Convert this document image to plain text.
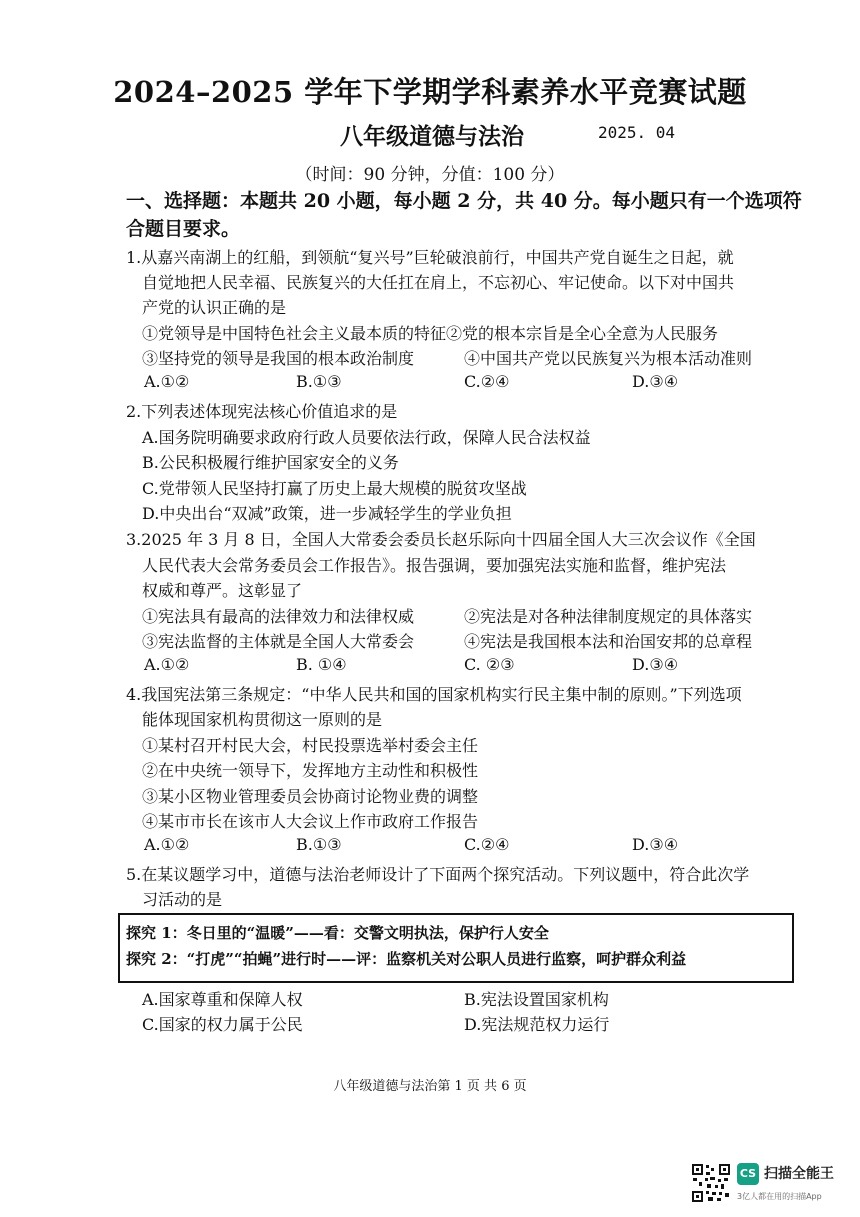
2024–2025 学年下学期学科素养水平竞赛试题
八年级道德与法治	2025. 04
（时间：90 分钟，分值：100 分）
一、选择题：本题共 20 小题，每小题 2 分，共 40 分。每小题只有一个选项符
合题目要求。
1.从嘉兴南湖上的红船，到领航“复兴号”巨轮破浪前行，中国共产党自诞生之日起，就
自觉地把人民幸福、民族复兴的大任扛在肩上，不忘初心、牢记使命。以下对中国共
产党的认识正确的是
①党领导是中国特色社会主义最本质的特征②党的根本宗旨是全心全意为人民服务
③坚持党的领导是我国的根本政治制度	④中国共产党以民族复兴为根本活动准则
A.①②	B.①③	C.②④	D.③④
2.下列表述体现宪法核心价值追求的是
A.国务院明确要求政府行政人员要依法行政，保障人民合法权益
B.公民积极履行维护国家安全的义务
C.党带领人民坚持打赢了历史上最大规模的脱贫攻坚战
D.中央出台“双减”政策，进一步减轻学生的学业负担
3.2025 年 3 月 8 日，全国人大常委会委员长赵乐际向十四届全国人大三次会议作《全国
人民代表大会常务委员会工作报告》。报告强调，要加强宪法实施和监督，维护宪法
权威和尊严。这彰显了
①宪法具有最高的法律效力和法律权威	②宪法是对各种法律制度规定的具体落实
③宪法监督的主体就是全国人大常委会	④宪法是我国根本法和治国安邦的总章程
A.①②	B. ①④	C. ②③	D.③④
4.我国宪法第三条规定：“中华人民共和国的国家机构实行民主集中制的原则。”下列选项
能体现国家机构贯彻这一原则的是
①某村召开村民大会，村民投票选举村委会主任
②在中央统一领导下，发挥地方主动性和积极性
③某小区物业管理委员会协商讨论物业费的调整
④某市市长在该市人大会议上作市政府工作报告
A.①②	B.①③	C.②④	D.③④
5.在某议题学习中，道德与法治老师设计了下面两个探究活动。下列议题中，符合此次学
习活动的是
探究 1：冬日里的“温暖”——看：交警文明执法，保护行人安全
探究 2：“打虎”“拍蝇”进行时——评：监察机关对公职人员进行监察，呵护群众利益
A.国家尊重和保障人权	B.宪法设置国家机构
C.国家的权力属于公民	D.宪法规范权力运行
八年级道德与法治第 1 页 共 6 页
CS 扫描全能王
3亿人都在用的扫描App
